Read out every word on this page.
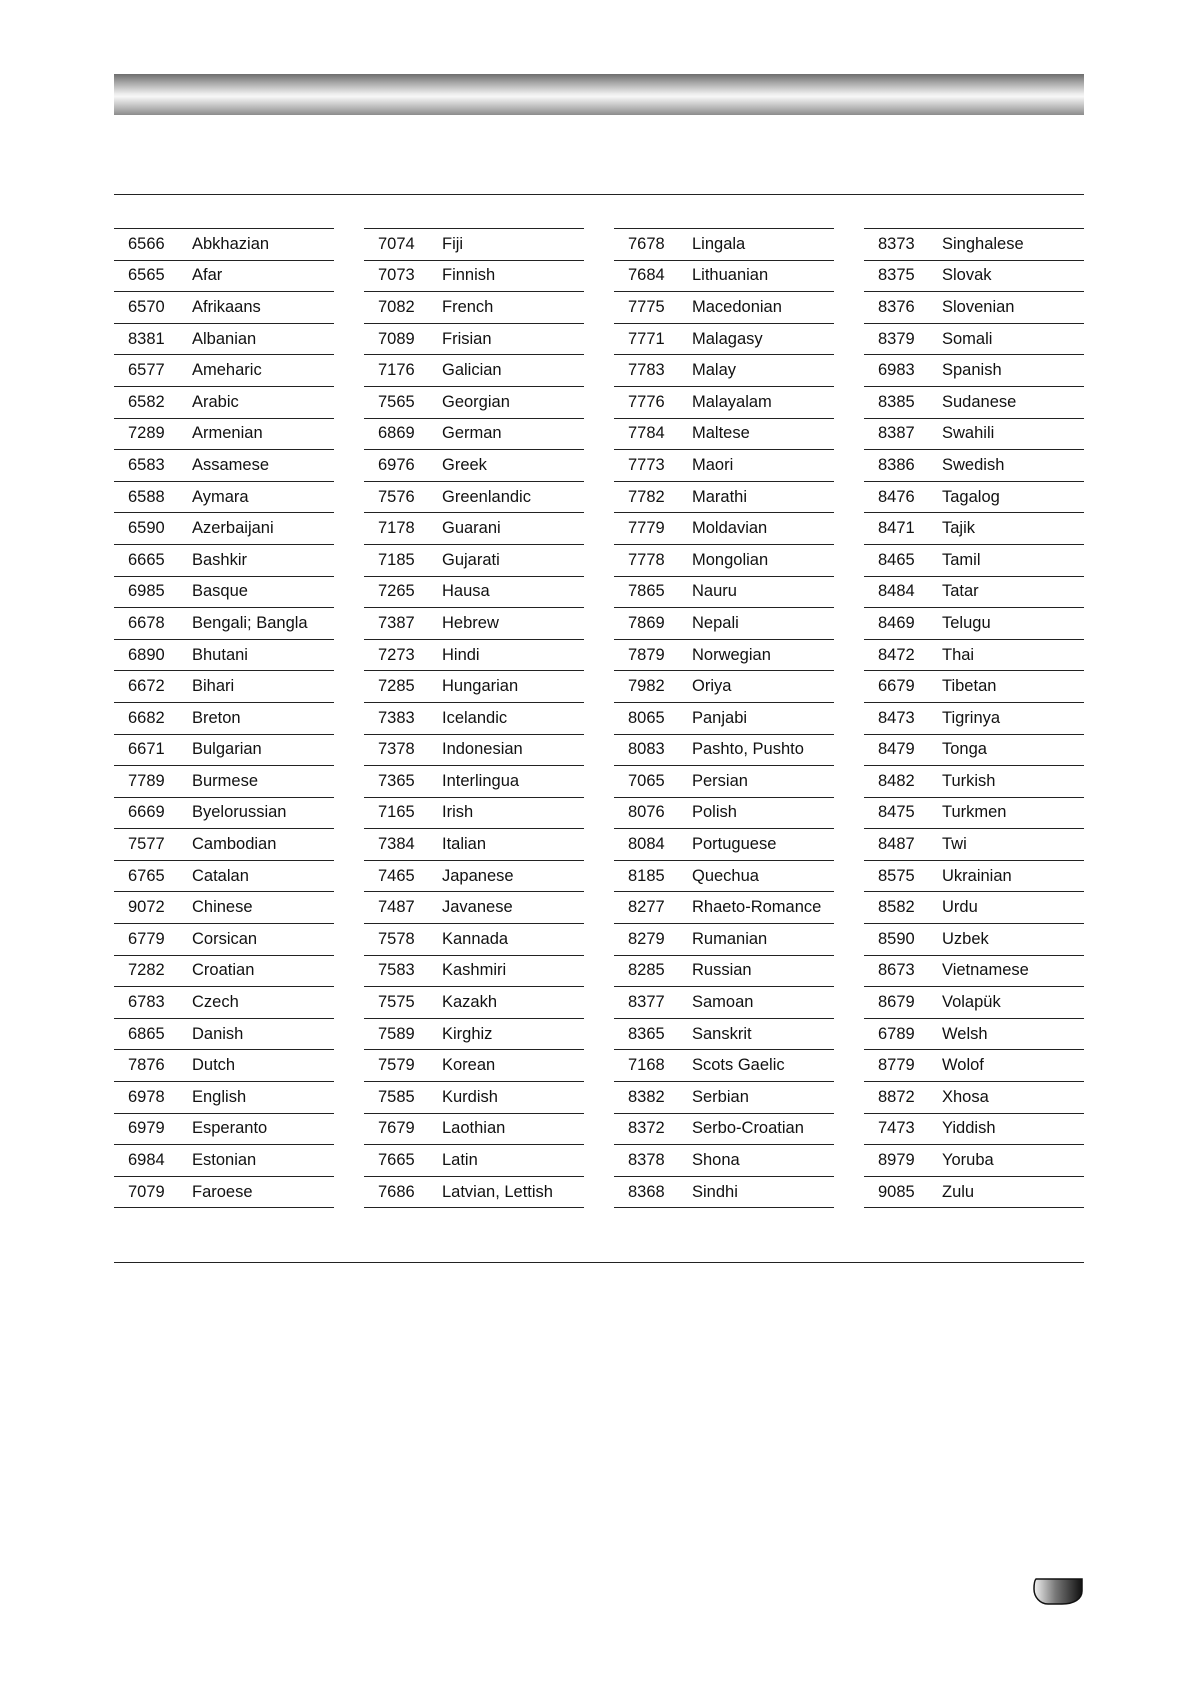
6566	Abkhazian
6565	Afar
6570	Afrikaans
8381	Albanian
6577	Ameharic
6582	Arabic
7289	Armenian
6583	Assamese
6588	Aymara
6590	Azerbaijani
6665	Bashkir
6985	Basque
6678	Bengali; Bangla
6890	Bhutani
6672	Bihari
6682	Breton
6671	Bulgarian
7789	Burmese
6669	Byelorussian
7577	Cambodian
6765	Catalan
9072	Chinese
6779	Corsican
7282	Croatian
6783	Czech
6865	Danish
7876	Dutch
6978	English
6979	Esperanto
6984	Estonian
7079	Faroese
7074	Fiji
7073	Finnish
7082	French
7089	Frisian
7176	Galician
7565	Georgian
6869	German
6976	Greek
7576	Greenlandic
7178	Guarani
7185	Gujarati
7265	Hausa
7387	Hebrew
7273	Hindi
7285	Hungarian
7383	Icelandic
7378	Indonesian
7365	Interlingua
7165	Irish
7384	Italian
7465	Japanese
7487	Javanese
7578	Kannada
7583	Kashmiri
7575	Kazakh
7589	Kirghiz
7579	Korean
7585	Kurdish
7679	Laothian
7665	Latin
7686	Latvian, Lettish
7678	Lingala
7684	Lithuanian
7775	Macedonian
7771	Malagasy
7783	Malay
7776	Malayalam
7784	Maltese
7773	Maori
7782	Marathi
7779	Moldavian
7778	Mongolian
7865	Nauru
7869	Nepali
7879	Norwegian
7982	Oriya
8065	Panjabi
8083	Pashto, Pushto
7065	Persian
8076	Polish
8084	Portuguese
8185	Quechua
8277	Rhaeto-Romance
8279	Rumanian
8285	Russian
8377	Samoan
8365	Sanskrit
7168	Scots Gaelic
8382	Serbian
8372	Serbo-Croatian
8378	Shona
8368	Sindhi
8373	Singhalese
8375	Slovak
8376	Slovenian
8379	Somali
6983	Spanish
8385	Sudanese
8387	Swahili
8386	Swedish
8476	Tagalog
8471	Tajik
8465	Tamil
8484	Tatar
8469	Telugu
8472	Thai
6679	Tibetan
8473	Tigrinya
8479	Tonga
8482	Turkish
8475	Turkmen
8487	Twi
8575	Ukrainian
8582	Urdu
8590	Uzbek
8673	Vietnamese
8679	Volapük
6789	Welsh
8779	Wolof
8872	Xhosa
7473	Yiddish
8979	Yoruba
9085	Zulu
